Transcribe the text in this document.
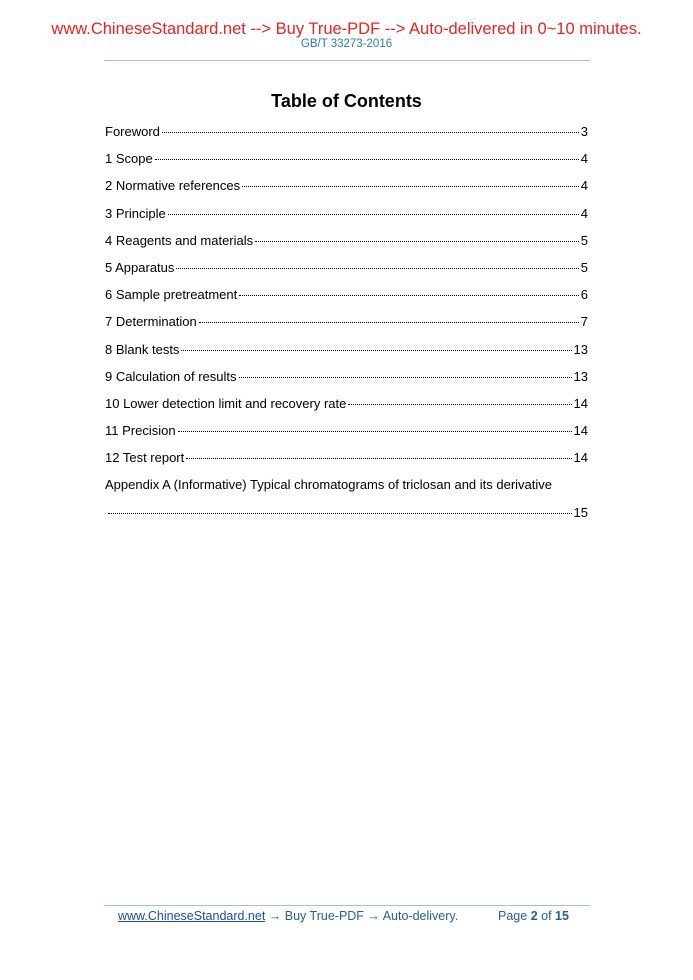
www.ChineseStandard.net --> Buy True-PDF --> Auto-delivered in 0~10 minutes.
GB/T 33273-2016
Table of Contents
Foreword	3
1 Scope	4
2 Normative references	4
3 Principle	4
4 Reagents and materials	5
5 Apparatus	5
6 Sample pretreatment	6
7 Determination	7
8 Blank tests	13
9 Calculation of results	13
10 Lower detection limit and recovery rate	14
11 Precision	14
12 Test report	14
Appendix A (Informative) Typical chromatograms of triclosan and its derivative
15
www.ChineseStandard.net → Buy True-PDF → Auto-delivery.	Page 2 of 15
